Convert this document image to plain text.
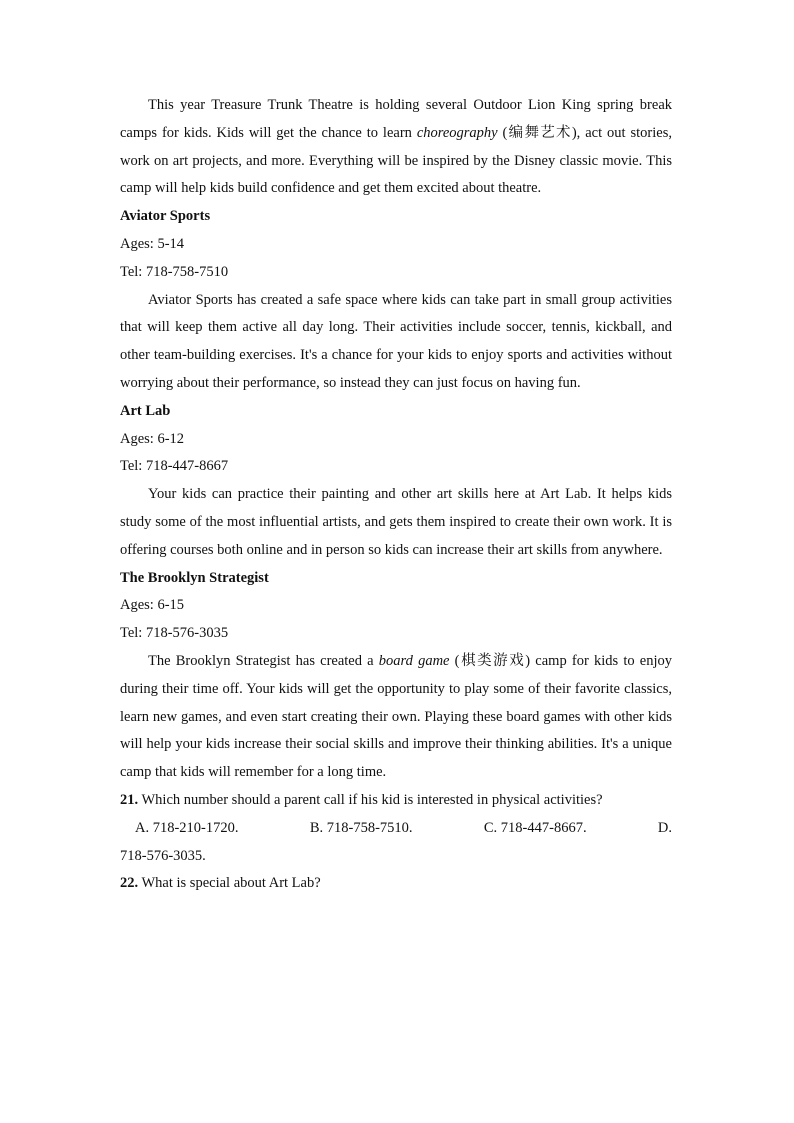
This year Treasure Trunk Theatre is holding several Outdoor Lion King spring break camps for kids. Kids will get the chance to learn choreography (编舞艺术), act out stories, work on art projects, and more. Everything will be inspired by the Disney classic movie. This camp will help kids build confidence and get them excited about theatre.

Aviator Sports

Ages: 5-14

Tel: 718-758-7510

Aviator Sports has created a safe space where kids can take part in small group activities that will keep them active all day long. Their activities include soccer, tennis, kickball, and other team-building exercises. It's a chance for your kids to enjoy sports and activities without worrying about their performance, so instead they can just focus on having fun.

Art Lab

Ages: 6-12

Tel: 718-447-8667

Your kids can practice their painting and other art skills here at Art Lab. It helps kids study some of the most influential artists, and gets them inspired to create their own work. It is offering courses both online and in person so kids can increase their art skills from anywhere.

The Brooklyn Strategist

Ages: 6-15

Tel: 718-576-3035

The Brooklyn Strategist has created a board game (棋类游戏) camp for kids to enjoy during their time off. Your kids will get the opportunity to play some of their favorite classics, learn new games, and even start creating their own. Playing these board games with other kids will help your kids increase their social skills and improve their thinking abilities. It's a unique camp that kids will remember for a long time.

21. Which number should a parent call if his kid is interested in physical activities?

A. 718-210-1720.	B. 718-758-7510.	C. 718-447-8667.	D.

718-576-3035.

22. What is special about Art Lab?
